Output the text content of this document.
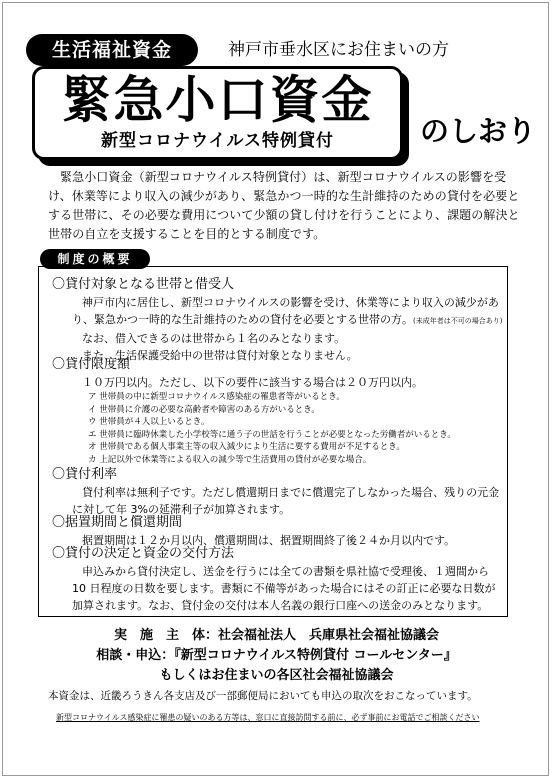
生活福祉資金	神戸市垂水区にお住まいの方
緊急小口資金
新型コロナウイルス特例貸付	のしおり
緊急小口資金（新型コロナウイルス特例貸付）は、新型コロナウイルスの影響を受け、休業等により収入の減少があり、緊急かつ一時的な生計維持のための貸付を必要とする世帯に、その必要な費用について少額の貸し付けを行うことにより、課題の解決と世帯の自立を支援することを目的とする制度です。
制度の概要
〇貸付対象となる世帯と借受人
神戸市内に居住し、新型コロナウイルスの影響を受け、休業等により収入の減少があり、緊急かつ一時的な生計維持のための貸付を必要とする世帯の方。(未成年者は不可の場合あり)
なお、借入できるのは世帯から１名のみとなります。
また、生活保護受給中の世帯は貸付対象となりません。
〇貸付限度額
１０万円以内。ただし、以下の要件に該当する場合は２０万円以内。
ア 世帯員の中に新型コロナウイルス感染症の罹患者等がいるとき。
イ 世帯員に介護の必要な高齢者や障害のある方がいるとき。
ウ 世帯員が４人以上いるとき。
エ 世帯員に臨時休業した小学校等に通う子の世話を行うことが必要となった労働者がいるとき。
オ 世帯員である個人事業主等の収入減少により生活に要する費用が不足するとき。
カ 上記以外で休業等による収入の減少等で生活費用の貸付が必要な場合。
〇貸付利率
貸付利率は無利子です。ただし償還期日までに償還完了しなかった場合、残りの元金に対して年 3%の延滞利子が加算されます。
〇据置期間と償還期間
据置期間は１２か月以内、償還期間は、据置期間終了後２４か月以内です。
〇貸付の決定と資金の交付方法
申込みから貸付決定し、送金を行うには全ての書類を県社協で受理後、１週間から 10 日程度の日数を要します。書類に不備等があった場合にはその訂正に必要な日数が加算されます。なお、貸付金の交付は本人名義の銀行口座への送金のみとなります。
実　施　主　体：社会福祉法人　兵庫県社会福祉協議会
相談・申込：『新型コロナウイルス特例貸付 コールセンター』
もしくはお住まいの各区社会福祉協議会
本資金は、近畿ろうきん各支店及び一部郵便局においても申込の取次をおこなっています。
新型コロナウイルス感染症に罹患の疑いのある方等は、窓口に直接訪問する前に、必ず事前にお電話でご相談ください
